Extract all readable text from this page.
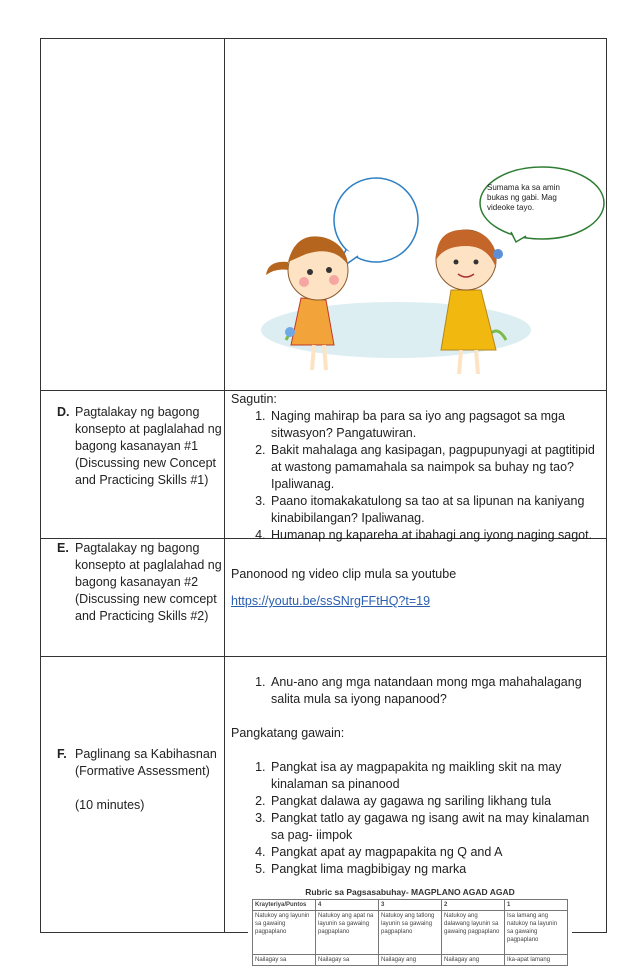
Sumama ka sa amin bukas ng gabi. Mag videoke tayo.
D. Pagtalakay ng bagong konsepto at paglalahad ng bagong kasanayan #1 (Discussing new Concept and Practicing Skills #1)
Sagutin:
1. Naging mahirap ba para sa iyo ang pagsagot sa mga sitwasyon? Pangatuwiran.
2. Bakit mahalaga ang kasipagan, pagpupunyagi at pagtitipid at wastong pamamahala sa naimpok sa buhay ng tao? Ipaliwanag.
3. Paano itomakakatulong sa tao at sa lipunan na kaniyang kinabibilangan? Ipaliwanag.
4. Humanap ng kapareha at ibahagi ang iyong naging sagot.
E. Pagtalakay ng bagong konsepto at paglalahad ng bagong kasanayan #2 (Discussing new comcept and Practicing Skills #2)
Panonood ng video clip mula sa youtube
https://youtu.be/ssSNrgFFtHQ?t=19
F. Paglinang sa Kabihasnan (Formative Assessment)
(10 minutes)
1. Anu-ano ang mga natandaan mong mga mahahalagang salita mula sa iyong napanood?
Pangkatang gawain:
1. Pangkat isa ay magpapakita ng maikling skit na may kinalaman sa pinanood
2. Pangkat dalawa ay gagawa ng sariling likhang tula
3. Pangkat tatlo ay gagawa ng isang awit na may kinalaman sa pag- iimpok
4. Pangkat apat ay magpapakita ng Q and A
5. Pangkat lima magbibigay ng marka
Rubric sa Pagsasabuhay- MAGPLANO AGAD AGAD
Krayteriya/Puntos	4	3	2	1
Natukoy ang layunin sa gawaing pagpaplano	Natukoy ang apat na layunin sa gawaing pagpaplano	Natukoy ang tatlong layunin sa gawaing pagpaplano	Natukoy ang dalawang layunin sa gawaing pagpaplano	Isa lamang ang natukoy na layunin sa gawaing pagpaplano
Nailagay sa	Nailagay sa	Nailagay ang	Nailagay ang	Ika-apat lamang
